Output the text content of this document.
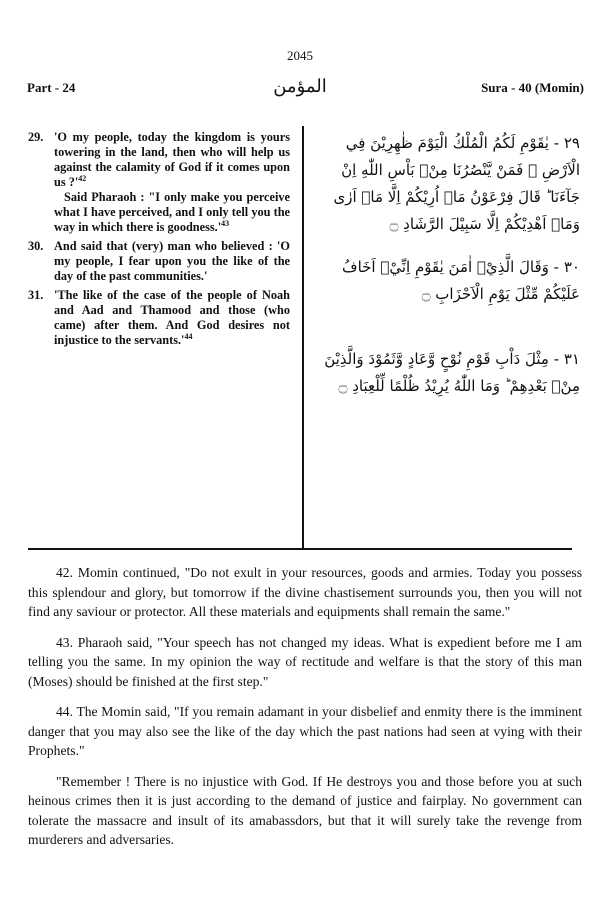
2045
Part - 24	المؤمن	Sura - 40 (Momin)
29. 'O my people, today the kingdom is yours towering in the land, then who will help us against the calamity of God if it comes upon us $?'^{42}$
Said Pharaoh : "I only make you perceive what I have perceived, and I only tell you the way in which there is $goodness.'^{43}$
30. And said that (very) man who believed : 'O my people, I fear upon you the like of the day of the past communities.'
31. 'The like of the case of the people of Noah and Aad and Thamood and those (who came) after them. And God desires not injustice to the $servants.'^{44}$
٢٩ - يٰقَوْمِ لَكُمُ الْمُلْكُ الْيَوْمَ ظٰهِرِيْنَ فِي الْاَرْضِ ۫ فَمَنْ يَّنْصُرُنَا مِنْۢ بَاْسِ اللّٰهِ اِنْ جَآءَنَا ؕ قَالَ فِرْعَوْنُ مَاۤ اُرِيْكُمْ اِلَّا مَاۤ اَرٰى وَمَاۤ اَهْدِيْكُمْ اِلَّا سَبِيْلَ الرَّشَادِ ۝
٣٠ - وَقَالَ الَّذِيْۤ اٰمَنَ يٰقَوْمِ اِنِّيْۤ اَخَافُ عَلَيْكُمْ مِّثْلَ يَوْمِ الْاَحْزَابِ ۝
٣١ - مِثْلَ دَاْبِ قَوْمِ نُوْحٍ وَّعَادٍ وَّثَمُوْدَ وَالَّذِيْنَ مِنْۢ بَعْدِهِمْ ؕ وَمَا اللّٰهُ يُرِيْدُ ظُلْمًا لِّلْعِبَادِ ۝

42. Momin continued, "Do not exult in your resources, goods and armies. Today you possess this splendour and glory, but tomorrow if the divine chastisement surrounds you, then you will not find any saviour or protector. All these materials and equipments shall remain the same."

43. Pharaoh said, "Your speech has not changed my ideas. What is expedient before me I am telling you the same. In my opinion the way of rectitude and welfare is that the story of this man (Moses) should be finished at the first step."

44. The Momin said, "If you remain adamant in your disbelief and enmity there is the imminent danger that you may also see the like of the day which the past nations had seen at vying with their Prophets."

"Remember ! There is no injustice with God. If He destroys you and those before you at such heinous crimes then it is just according to the demand of justice and fairplay. No government can tolerate the massacre and insult of its amabassdors, but that it will surely take the revenge from murderers and adversaries.
